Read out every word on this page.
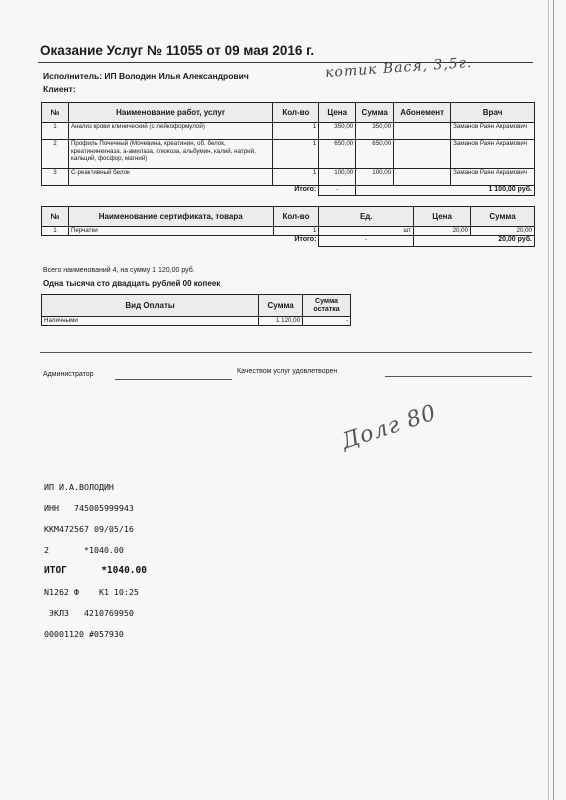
Оказание Услуг № 11055 от 09 мая 2016 г.
Исполнитель: ИП Володин Илья Александрович
Клиент:
котик Вася, 3,5г.
№	Наименование работ, услуг	Кол-во	Цена	Сумма	Абонемент	Врач
1	Анализ крови клинический (с лейкоформулой)	1	350,00	350,00		Заманов Раян Акрамович
2	Профиль Почечный (Мочевина, креатинин, об. белок, креатининкиназа, а-амилаза, глюкоза, альбумин, калий, натрий, кальций, фосфор, магний)	1	650,00	650,00		Заманов Раян Акрамович
3	С-реактивный белок	1	100,00	100,00		Заманов Раян Акрамович
Итого:			-	1 100,00 руб.		
№	Наименование сертификата, товара	Кол-во	Ед.	Цена	Сумма
1	Перчатки	1	шт	20,00	20,00
Итого:			-	20,00 руб.	
Всего наименований 4, на сумму 1 120,00 руб.
Одна тысяча сто двадцать рублей 00 копеек
Вид Оплаты	Сумма	Сумма остатка
Наличными	1 120,00	-
Администратор	Качеством услуг удовлетворен
Долг 80

ИП И.А.ВОЛОДИН

ИНН   745005999943

ККМ472567 09/05/16

2       *1040.00

ИТОГ      *1040.00

N1262 Ф    К1 10:25

ЭКЛЗ   4210769950

00001120 #057930
